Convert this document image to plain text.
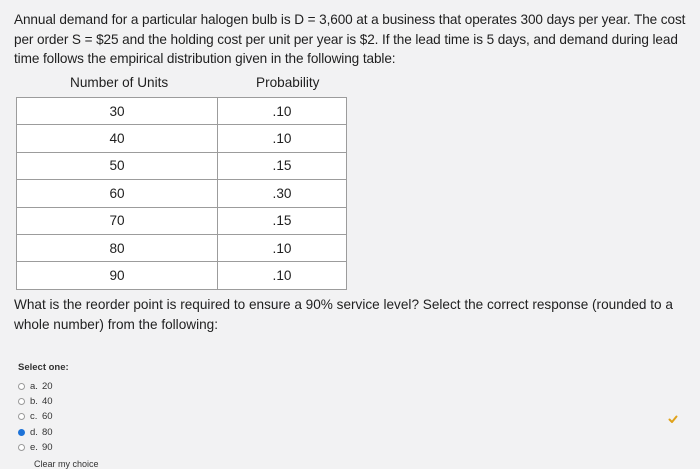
Annual demand for a particular halogen bulb is D = 3,600 at a business that operates 300 days per year. The cost per order S = $25 and the holding cost per unit per year is $2. If the lead time is 5 days, and demand during lead time follows the empirical distribution given in the following table:
Number of Units	Probability
30	.10
40	.10
50	.15
60	.30
70	.15
80	.10
90	.10
What is the reorder point is required to ensure a 90% service level? Select the correct response (rounded to a whole number) from the following:
Select one:
a. 20
b. 40
c. 60
d. 80
e. 90
Clear my choice
